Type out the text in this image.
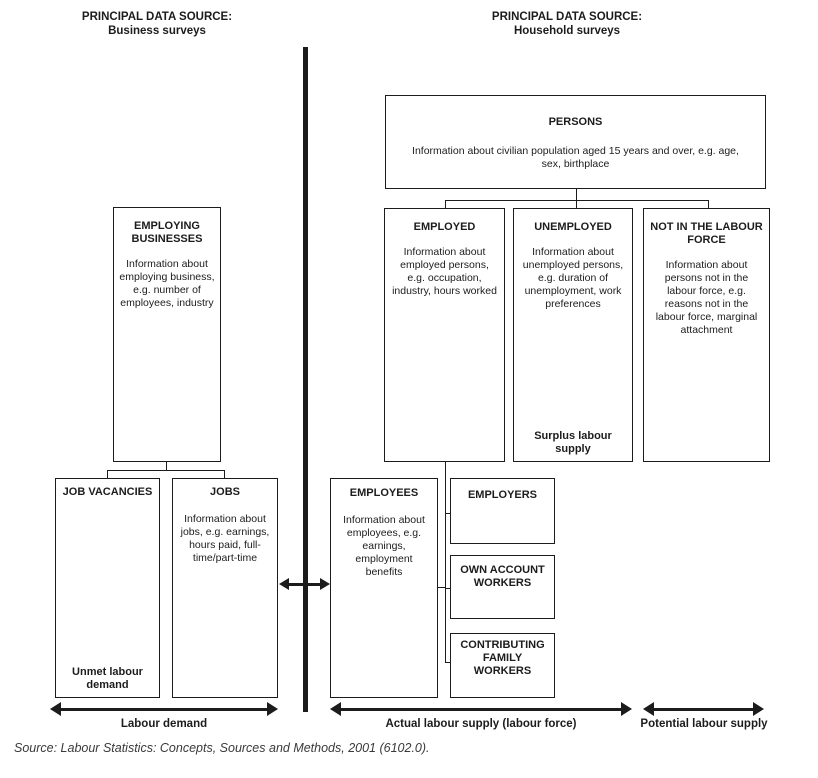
PRINCIPAL DATA SOURCE:
Business surveys
PRINCIPAL DATA SOURCE:
Household surveys
PERSONS
Information about civilian population aged 15 years and over, e.g. age, sex, birthplace
EMPLOYED
Information about employed persons, e.g. occupation, industry, hours worked
UNEMPLOYED
Information about unemployed persons, e.g. duration of unemployment, work preferences
Surplus labour supply
NOT IN THE LABOUR FORCE
Information about persons not in the labour force, e.g. reasons not in the labour force, marginal attachment
EMPLOYING BUSINESSES
Information about employing business, e.g. number of employees, industry
JOB VACANCIES
Unmet labour demand
JOBS
Information about jobs, e.g. earnings, hours paid, full-time/part-time
EMPLOYEES
Information about employees, e.g. earnings, employment benefits
EMPLOYERS
OWN ACCOUNT WORKERS
CONTRIBUTING FAMILY WORKERS
Labour demand	Actual labour supply (labour force)	Potential labour supply
Source: Labour Statistics: Concepts, Sources and Methods, 2001 (6102.0).
